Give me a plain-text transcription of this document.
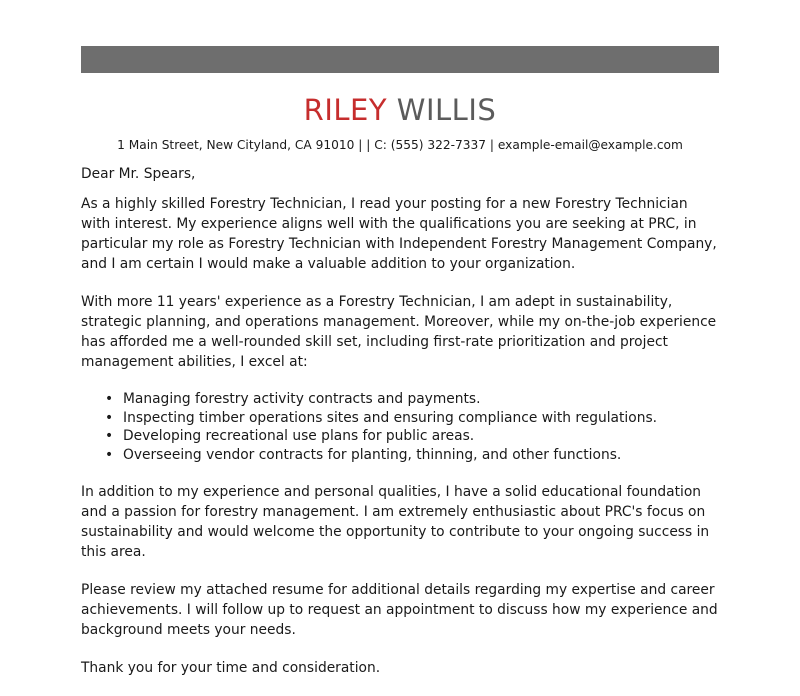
RILEY WILLIS
1 Main Street, New Cityland, CA 91010 | | C: (555) 322-7337 | example-email@example.com

Dear Mr. Spears,

As a highly skilled Forestry Technician, I read your posting for a new Forestry Technician with interest. My experience aligns well with the qualifications you are seeking at PRC, in particular my role as Forestry Technician with Independent Forestry Management Company, and I am certain I would make a valuable addition to your organization.

With more 11 years' experience as a Forestry Technician, I am adept in sustainability, strategic planning, and operations management. Moreover, while my on-the-job experience has afforded me a well-rounded skill set, including first-rate prioritization and project management abilities, I excel at:

• Managing forestry activity contracts and payments.
• Inspecting timber operations sites and ensuring compliance with regulations.
• Developing recreational use plans for public areas.
• Overseeing vendor contracts for planting, thinning, and other functions.

In addition to my experience and personal qualities, I have a solid educational foundation and a passion for forestry management. I am extremely enthusiastic about PRC's focus on sustainability and would welcome the opportunity to contribute to your ongoing success in this area.

Please review my attached resume for additional details regarding my expertise and career achievements. I will follow up to request an appointment to discuss how my experience and background meets your needs.

Thank you for your time and consideration.
